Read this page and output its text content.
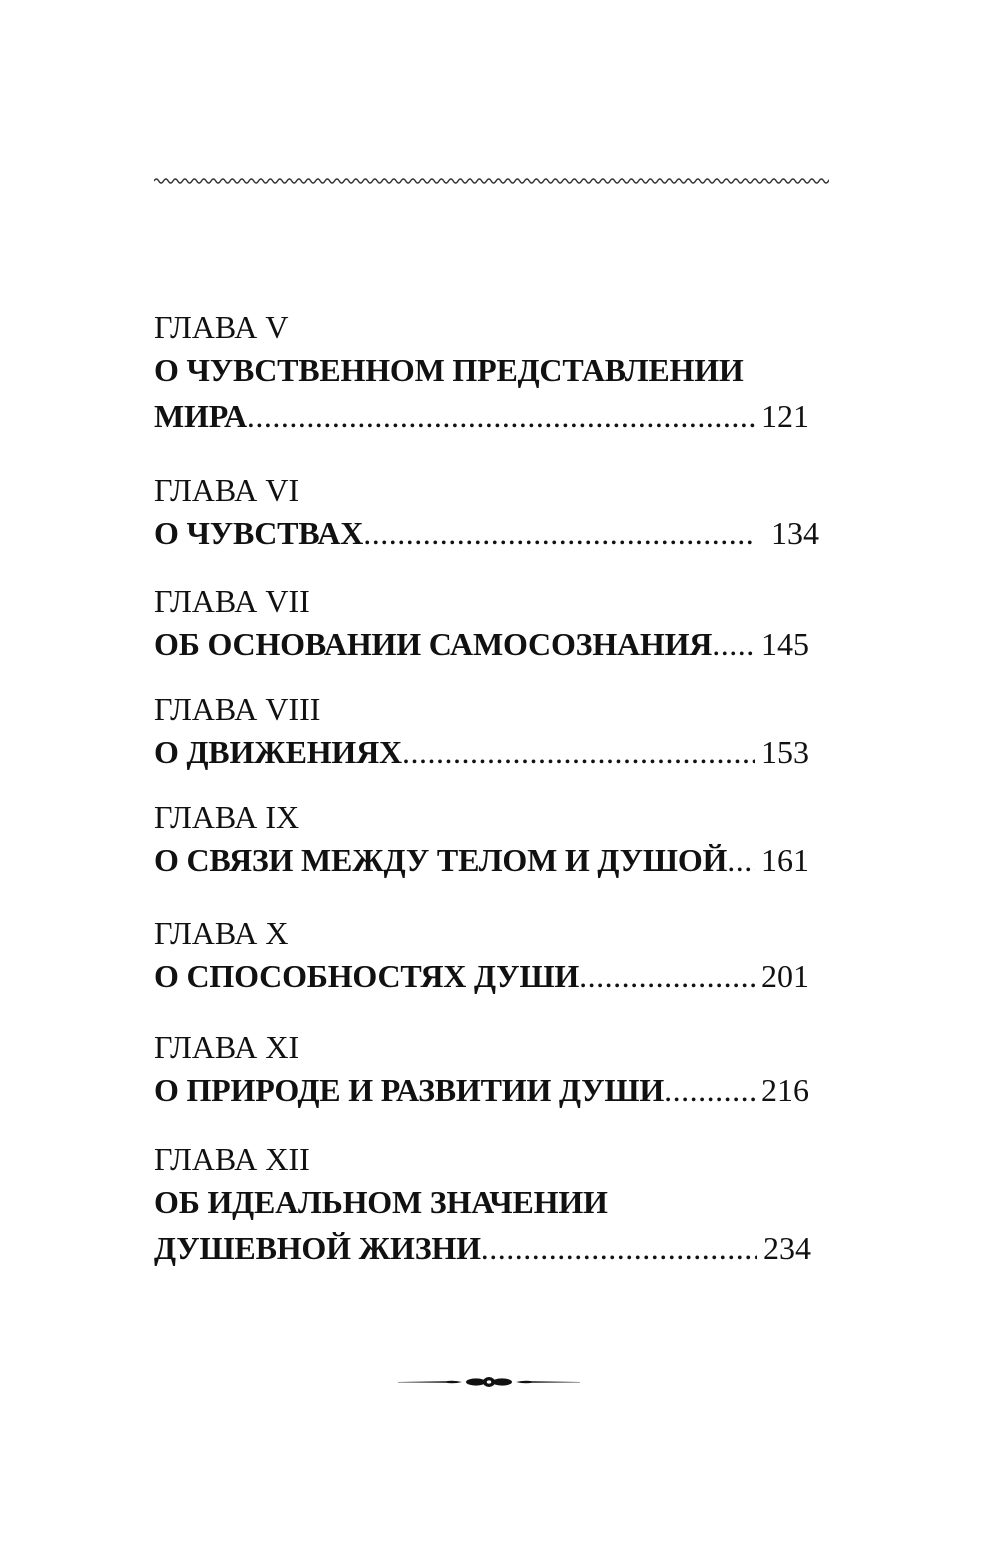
ГЛАВА V
О ЧУВСТВЕННОМ ПРЕДСТАВЛЕНИИ
МИРА .....	121
ГЛАВА VI
О ЧУВСТВАХ .....	134
ГЛАВА VII
ОБ ОСНОВАНИИ САМОСОЗНАНИЯ ..... 145
ГЛАВА VIII
О ДВИЖЕНИЯХ .....	153
ГЛАВА IX
О СВЯЗИ МЕЖДУ ТЕЛОМ И ДУШОЙ ..... 161
ГЛАВА X
О СПОСОБНОСТЯХ ДУШИ .....	201
ГЛАВА XI
О ПРИРОДЕ И РАЗВИТИИ ДУШИ .....	216
ГЛАВА XII
ОБ ИДЕАЛЬНОМ ЗНАЧЕНИИ
ДУШЕВНОЙ ЖИЗНИ .....	234
